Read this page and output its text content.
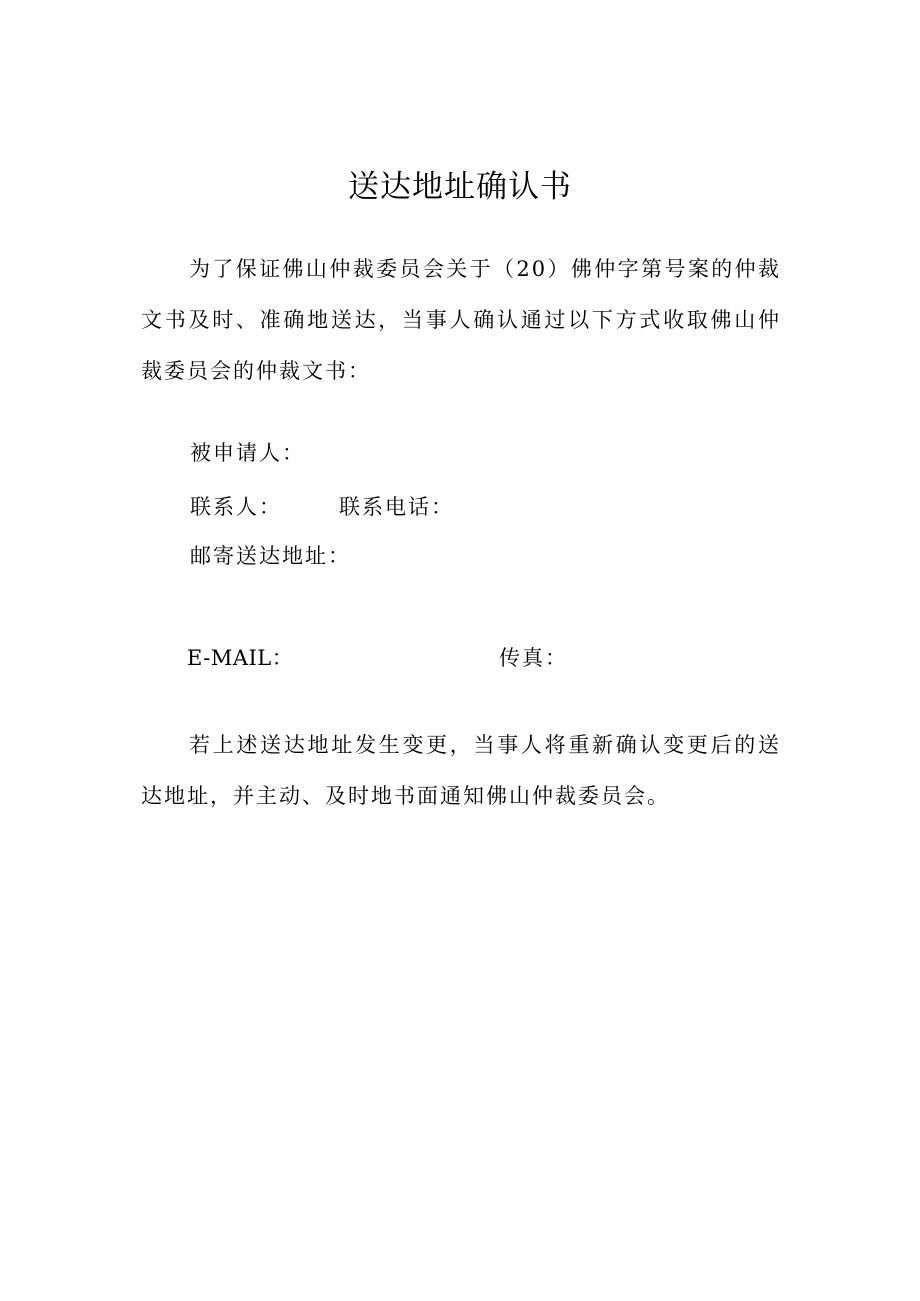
送达地址确认书

为了保证佛山仲裁委员会关于（20）佛仲字第号案的仲裁文书及时、准确地送达，当事人确认通过以下方式收取佛山仲裁委员会的仲裁文书：

被申请人：
联系人：	联系电话：
邮寄送达地址：
E-MAIL：	传真：

若上述送达地址发生变更，当事人将重新确认变更后的送达地址，并主动、及时地书面通知佛山仲裁委员会。
